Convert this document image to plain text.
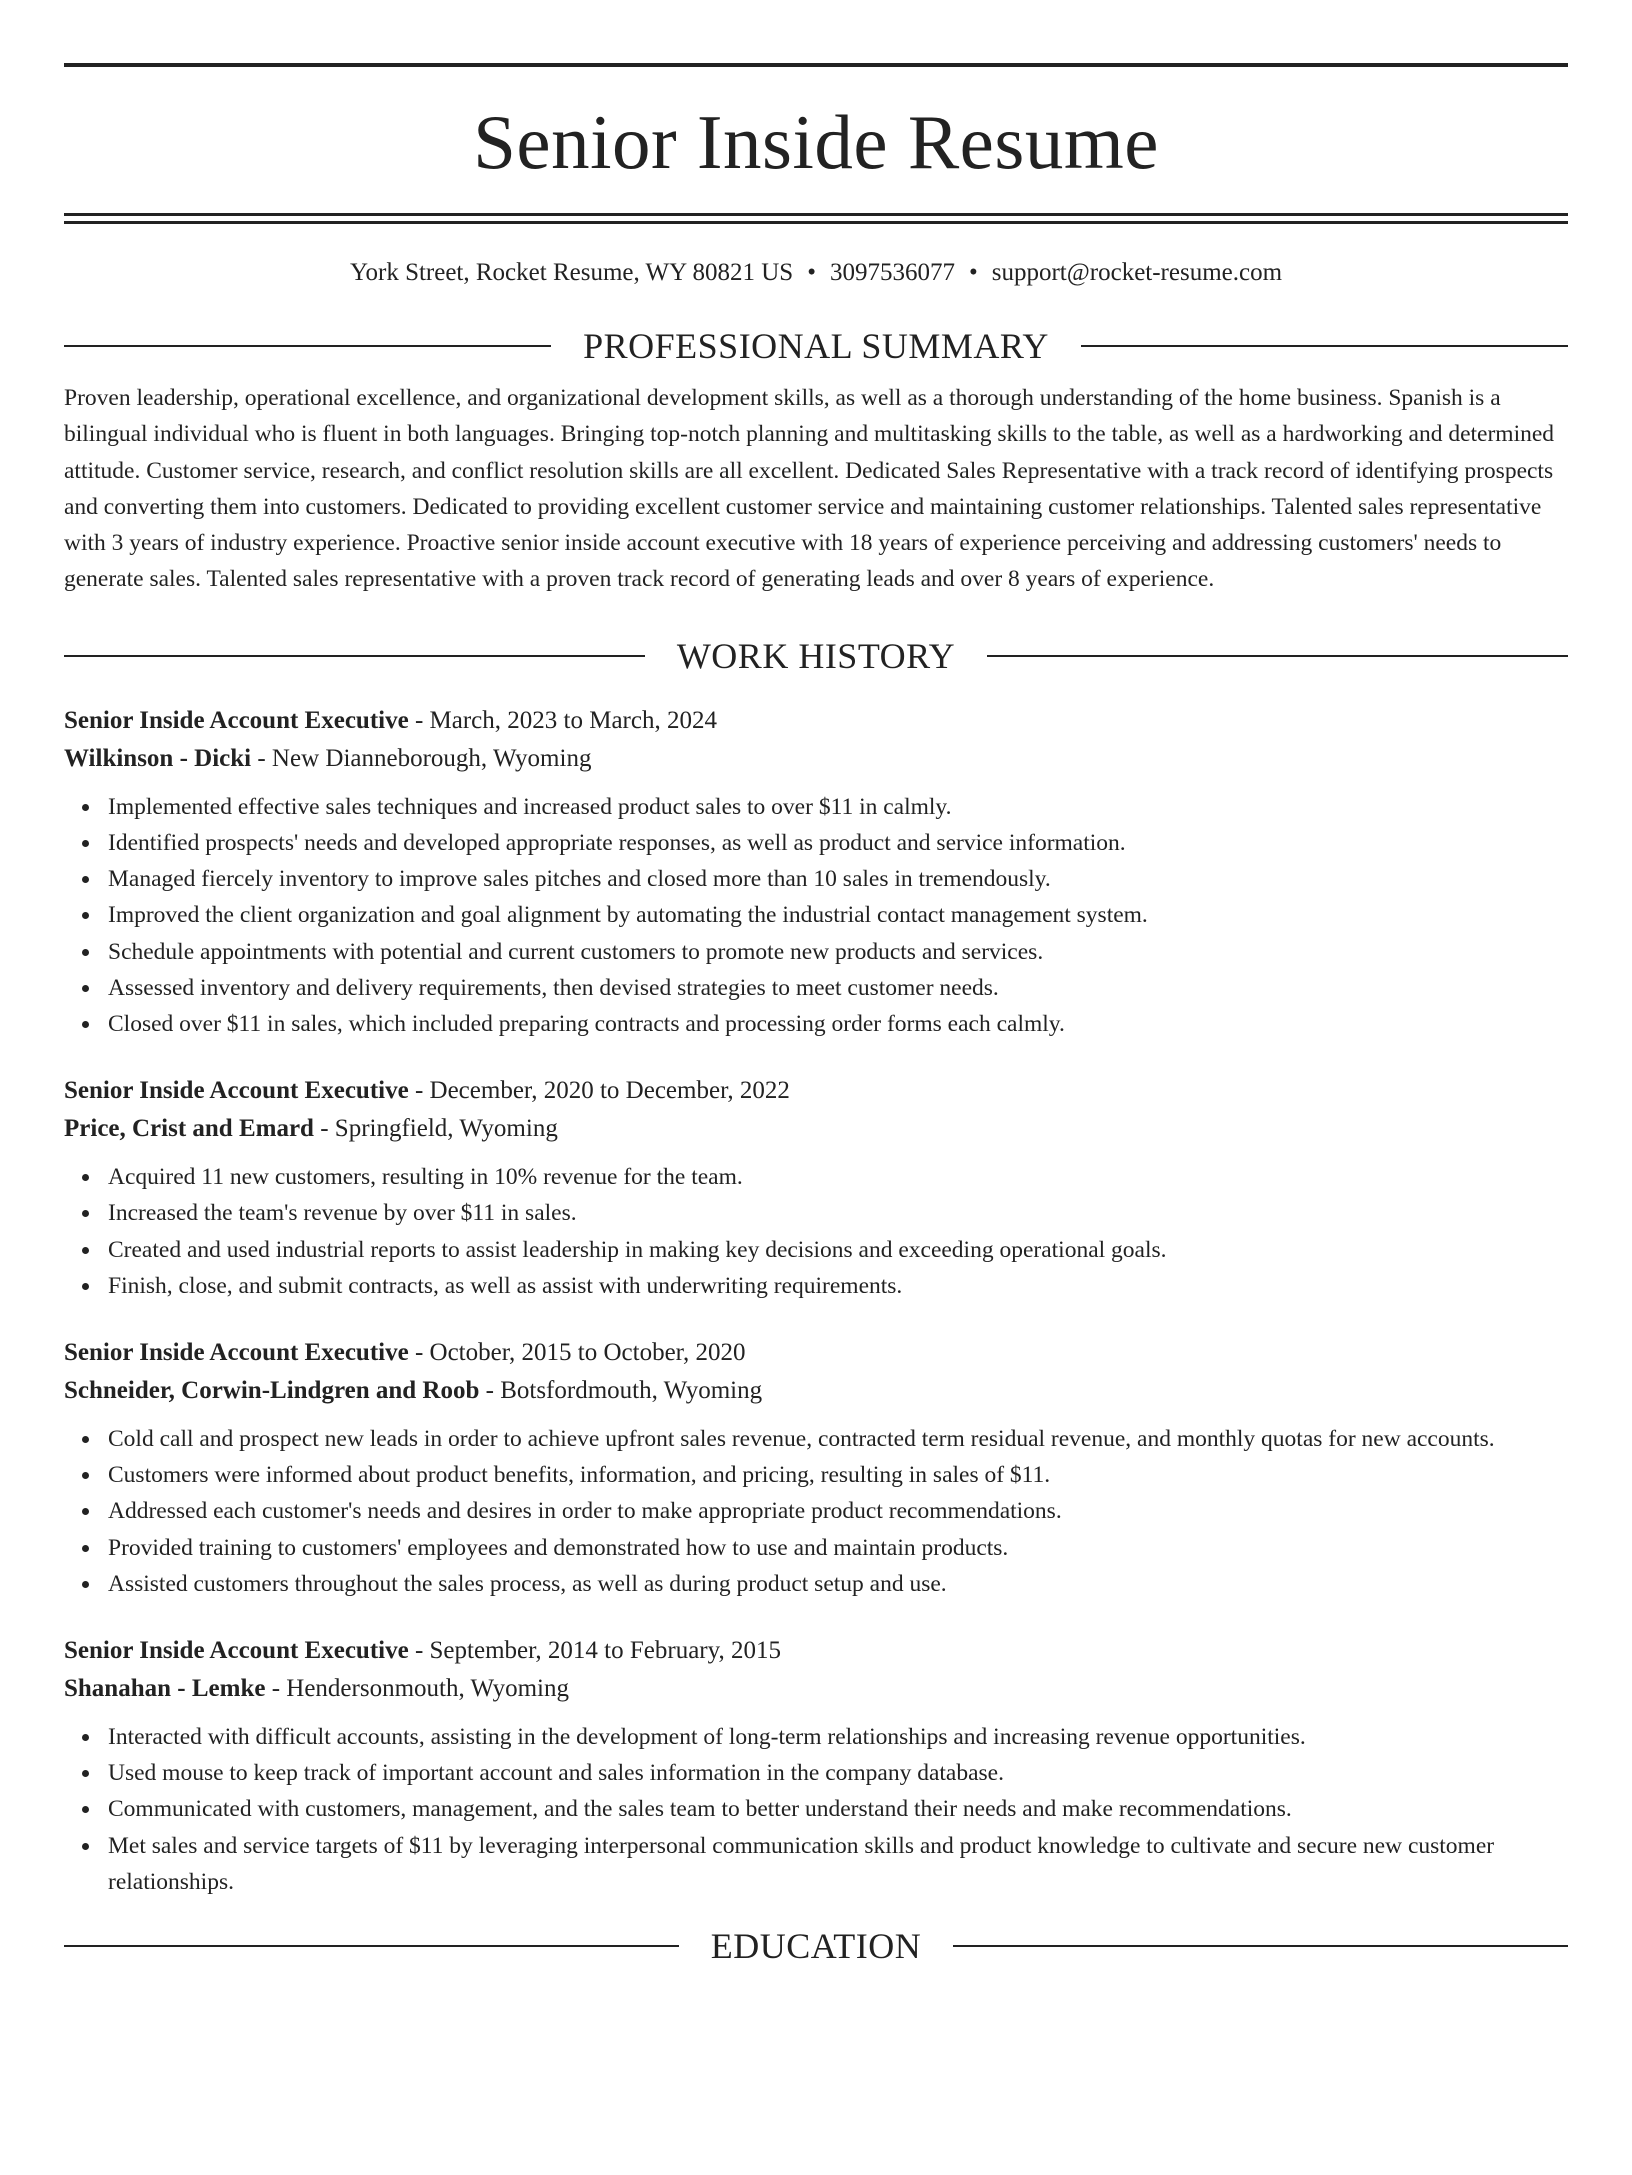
Senior Inside Resume
York Street, Rocket Resume, WY 80821 US • 3097536077 • support@rocket-resume.com
PROFESSIONAL SUMMARY
Proven leadership, operational excellence, and organizational development skills, as well as a thorough understanding of the home business. Spanish is a bilingual individual who is fluent in both languages. Bringing top-notch planning and multitasking skills to the table, as well as a hardworking and determined attitude. Customer service, research, and conflict resolution skills are all excellent. Dedicated Sales Representative with a track record of identifying prospects and converting them into customers. Dedicated to providing excellent customer service and maintaining customer relationships. Talented sales representative with 3 years of industry experience. Proactive senior inside account executive with 18 years of experience perceiving and addressing customers' needs to generate sales. Talented sales representative with a proven track record of generating leads and over 8 years of experience.
WORK HISTORY
Senior Inside Account Executive - March, 2023 to March, 2024
Wilkinson - Dicki - New Dianneborough, Wyoming
Implemented effective sales techniques and increased product sales to over $11 in calmly.
Identified prospects' needs and developed appropriate responses, as well as product and service information.
Managed fiercely inventory to improve sales pitches and closed more than 10 sales in tremendously.
Improved the client organization and goal alignment by automating the industrial contact management system.
Schedule appointments with potential and current customers to promote new products and services.
Assessed inventory and delivery requirements, then devised strategies to meet customer needs.
Closed over $11 in sales, which included preparing contracts and processing order forms each calmly.
Senior Inside Account Executive - December, 2020 to December, 2022
Price, Crist and Emard - Springfield, Wyoming
Acquired 11 new customers, resulting in 10% revenue for the team.
Increased the team's revenue by over $11 in sales.
Created and used industrial reports to assist leadership in making key decisions and exceeding operational goals.
Finish, close, and submit contracts, as well as assist with underwriting requirements.
Senior Inside Account Executive - October, 2015 to October, 2020
Schneider, Corwin-Lindgren and Roob - Botsfordmouth, Wyoming
Cold call and prospect new leads in order to achieve upfront sales revenue, contracted term residual revenue, and monthly quotas for new accounts.
Customers were informed about product benefits, information, and pricing, resulting in sales of $11.
Addressed each customer's needs and desires in order to make appropriate product recommendations.
Provided training to customers' employees and demonstrated how to use and maintain products.
Assisted customers throughout the sales process, as well as during product setup and use.
Senior Inside Account Executive - September, 2014 to February, 2015
Shanahan - Lemke - Hendersonmouth, Wyoming
Interacted with difficult accounts, assisting in the development of long-term relationships and increasing revenue opportunities.
Used mouse to keep track of important account and sales information in the company database.
Communicated with customers, management, and the sales team to better understand their needs and make recommendations.
Met sales and service targets of $11 by leveraging interpersonal communication skills and product knowledge to cultivate and secure new customer relationships.
EDUCATION
